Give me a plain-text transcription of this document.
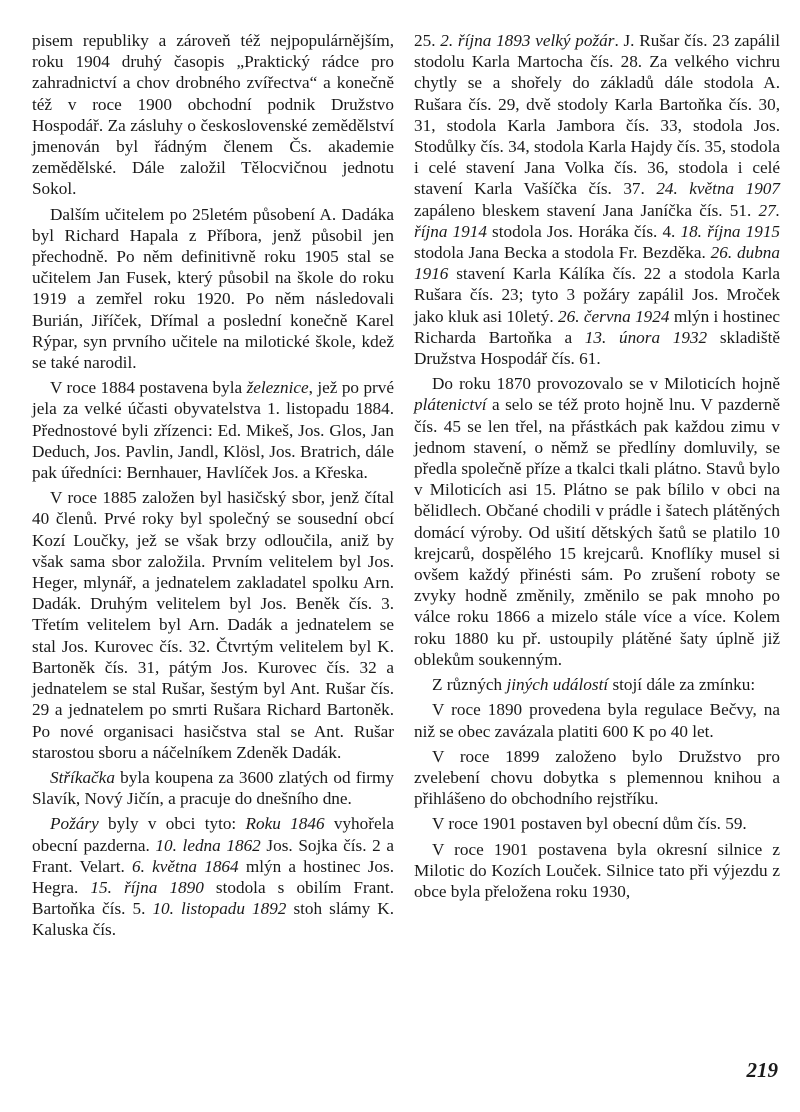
pisem republiky a zároveň též nejpopulárnějším, roku 1904 druhý časopis „Praktický rádce pro zahradnictví a chov drobného zvířectva“ a konečně též v roce 1900 obchodní podnik Družstvo Hospodář. Za zásluhy o československé zemědělství jmenován byl řádným členem Čs. akademie zemědělské. Dále založil Tělocvičnou jednotu Sokol.

Dalším učitelem po 25letém působení A. Dadáka byl Richard Hapala z Příbora, jenž působil jen přechodně. Po něm definitivně roku 1905 stal se učitelem Jan Fusek, který působil na škole do roku 1919 a zemřel roku 1920. Po něm následovali Burián, Jiříček, Dřímal a poslední konečně Karel Rýpar, syn prvního učitele na milotické škole, kdež se také narodil.

V roce 1884 postavena byla železnice, jež po prvé jela za velké účasti obyvatelstva 1. listopadu 1884. Přednostové byli zřízenci: Ed. Mikeš, Jos. Glos, Jan Deduch, Jos. Pavlin, Jandl, Klösl, Jos. Bratrich, dále pak úředníci: Bernhauer, Havlíček Jos. a Křeska.

V roce 1885 založen byl hasičský sbor, jenž čítal 40 členů. Prvé roky byl společný se sousední obcí Kozí Loučky, jež se však brzy odloučila, aniž by však sama sbor založila. Prvním velitelem byl Jos. Heger, mlynář, a jednatelem zakladatel spolku Arn. Dadák. Druhým velitelem byl Jos. Beněk čís. 3. Třetím velitelem byl Arn. Dadák a jednatelem se stal Jos. Kurovec čís. 32. Čtvrtým velitelem byl K. Bartoněk čís. 31, pátým Jos. Kurovec čís. 32 a jednatelem se stal Rušar, šestým byl Ant. Rušar čís. 29 a jednatelem po smrti Rušara Richard Bartoněk. Po nové organisaci hasičstva stal se Ant. Rušar starostou sboru a náčelníkem Zdeněk Dadák.

Stříkačka byla koupena za 3600 zlatých od firmy Slavík, Nový Jičín, a pracuje do dnešního dne.

Požáry byly v obci tyto: Roku 1846 vyhořela obecní pazderna. 10. ledna 1862 Jos. Sojka čís. 2 a Frant. Velart. 6. května 1864 mlýn a hostinec Jos. Hegra. 15. října 1890 stodola s obilím Frant. Bartoňka čís. 5. 10. listopadu 1892 stoh slámy K. Kaluska čís.

25. 2. října 1893 velký požár. J. Rušar čís. 23 zapálil stodolu Karla Martocha čís. 28. Za velkého vichru chytly se a shořely do základů dále stodola A. Rušara čís. 29, dvě stodoly Karla Bartoňka čís. 30, 31, stodola Karla Jambora čís. 33, stodola Jos. Stodůlky čís. 34, stodola Karla Hajdy čís. 35, stodola i celé stavení Jana Volka čís. 36, stodola i celé stavení Karla Vašíčka čís. 37. 24. května 1907 zapáleno bleskem stavení Jana Janíčka čís. 51. 27. října 1914 stodola Jos. Horáka čís. 4. 18. října 1915 stodola Jana Becka a stodola Fr. Bezděka. 26. dubna 1916 stavení Karla Kálíka čís. 22 a stodola Karla Rušara čís. 23; tyto 3 požáry zapálil Jos. Mroček jako kluk asi 10letý. 26. června 1924 mlýn i hostinec Richarda Bartoňka a 13. února 1932 skladiště Družstva Hospodář čís. 61.

Do roku 1870 provozovalo se v Miloticích hojně plátenictví a selo se též proto hojně lnu. V pazderně čís. 45 se len třel, na přástkách pak každou zimu v jednom stavení, o němž se předlíny domluvily, se předla společně příze a tkalci tkali plátno. Stavů bylo v Miloticích asi 15. Plátno se pak bílilo v obci na bělidlech. Občané chodili v prádle i šatech plátěných domácí výroby. Od ušití dětských šatů se platilo 10 krejcarů, dospělého 15 krejcarů. Knoflíky musel si ovšem každý přinésti sám. Po zrušení roboty se zvyky hodně změnily, změnilo se pak mnoho po válce roku 1866 a mizelo stále více a více. Kolem roku 1880 ku př. ustoupily plátěné šaty úplně již oblekům soukenným.

Z různých jiných událostí stojí dále za zmínku:

V roce 1890 provedena byla regulace Bečvy, na niž se obec zavázala platiti 600 K po 40 let.

V roce 1899 založeno bylo Družstvo pro zvelebení chovu dobytka s plemennou knihou a přihlášeno do obchodního rejstříku.

V roce 1901 postaven byl obecní dům čís. 59.

V roce 1901 postavena byla okresní silnice z Milotic do Kozích Louček. Silnice tato při výjezdu z obce byla přeložena roku 1930,

219
